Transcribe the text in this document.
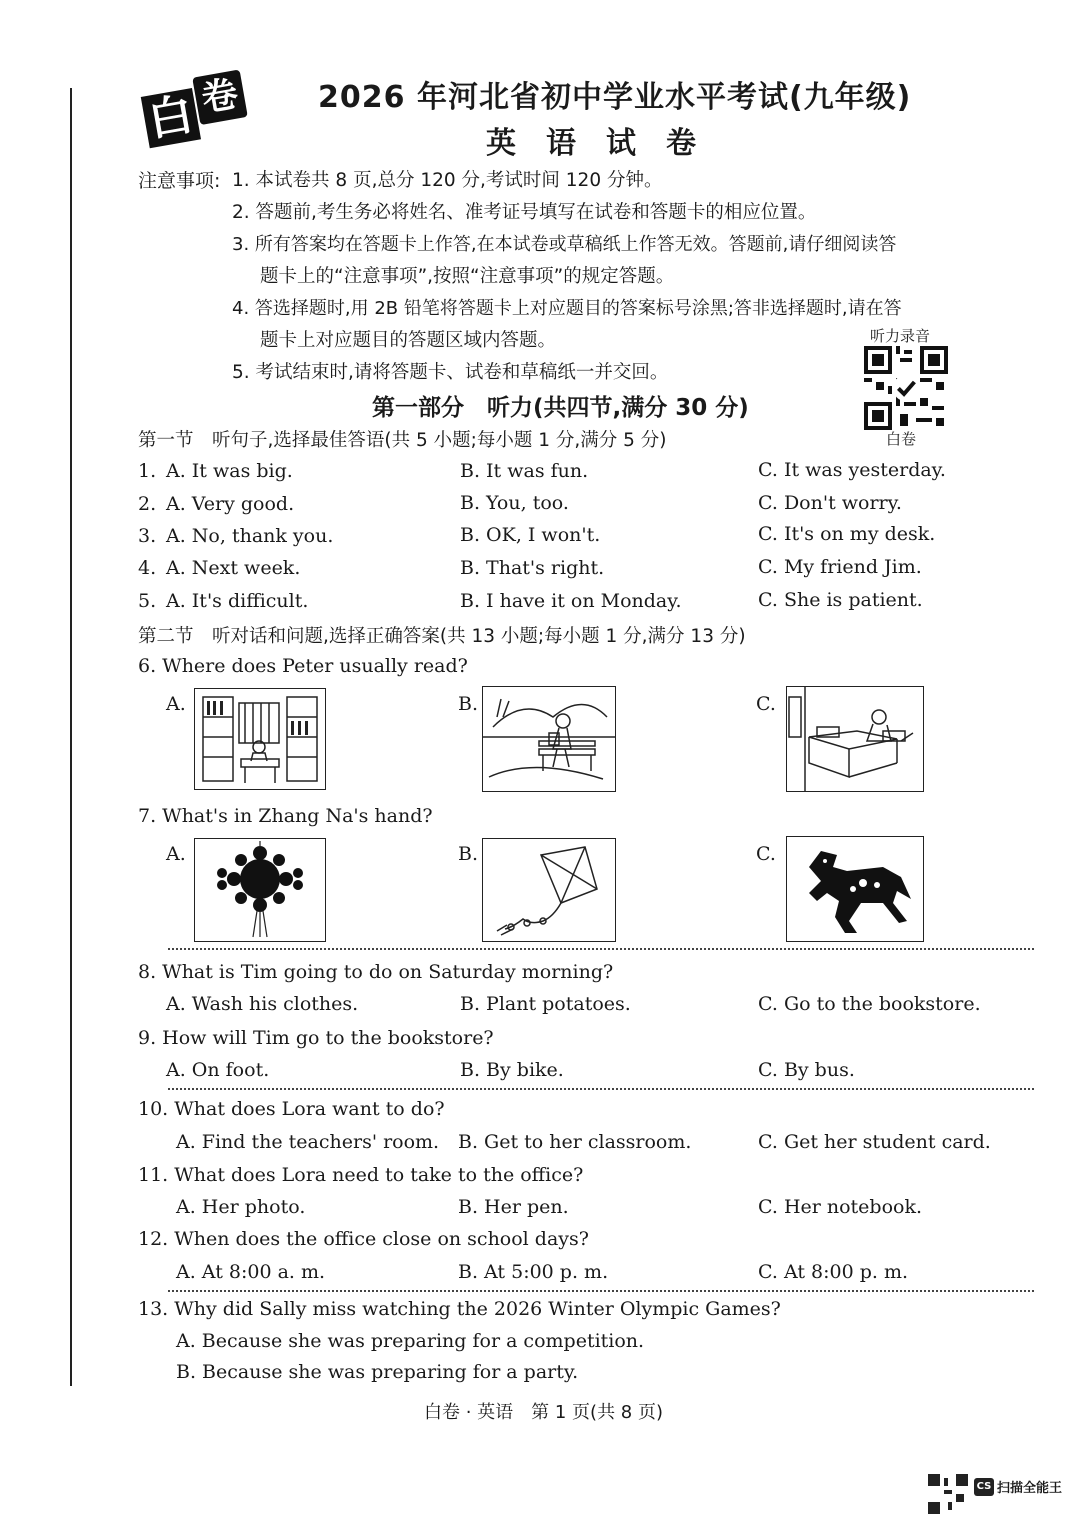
白 卷	2026 年河北省初中学业水平考试(九年级)
英语试卷
注意事项: 1. 本试卷共 8 页,总分 120 分,考试时间 120 分钟。
2. 答题前,考生务必将姓名、准考证号填写在试卷和答题卡的相应位置。
3. 所有答案均在答题卡上作答,在本试卷或草稿纸上作答无效。答题前,请仔细阅读答
题卡上的“注意事项”,按照“注意事项”的规定答题。
4. 答选择题时,用 2B 铅笔将答题卡上对应题目的答案标号涂黑;答非选择题时,请在答
题卡上对应题目的答题区域内答题。
5. 考试结束时,请将答题卡、试卷和草稿纸一并交回。
听力录音
白卷
第一部分　听力(共四节,满分 30 分)
第一节　听句子,选择最佳答语(共 5 小题;每小题 1 分,满分 5 分)
1. A. It was big.	B. It was fun.	C. It was yesterday.
2. A. Very good.	B. You, too.	C. Don't worry.
3. A. No, thank you.	B. OK, I won't.	C. It's on my desk.
4. A. Next week.	B. That's right.	C. My friend Jim.
5. A. It's difficult.	B. I have it on Monday.	C. She is patient.
第二节　听对话和问题,选择正确答案(共 13 小题;每小题 1 分,满分 13 分)
6. Where does Peter usually read?
A.	B.	C.
7. What's in Zhang Na's hand?
A.	B.	C.
8. What is Tim going to do on Saturday morning?
A. Wash his clothes.	B. Plant potatoes.	C. Go to the bookstore.
9. How will Tim go to the bookstore?
A. On foot.	B. By bike.	C. By bus.
10. What does Lora want to do?
A. Find the teachers' room. B. Get to her classroom.	C. Get her student card.
11. What does Lora need to take to the office?
A. Her photo.	B. Her pen.	C. Her notebook.
12. When does the office close on school days?
A. At 8:00 a. m.	B. At 5:00 p. m.	C. At 8:00 p. m.
13. Why did Sally miss watching the 2026 Winter Olympic Games?
A. Because she was preparing for a competition.
B. Because she was preparing for a party.
白卷 · 英语　第 1 页(共 8 页)
CS 扫描全能王
